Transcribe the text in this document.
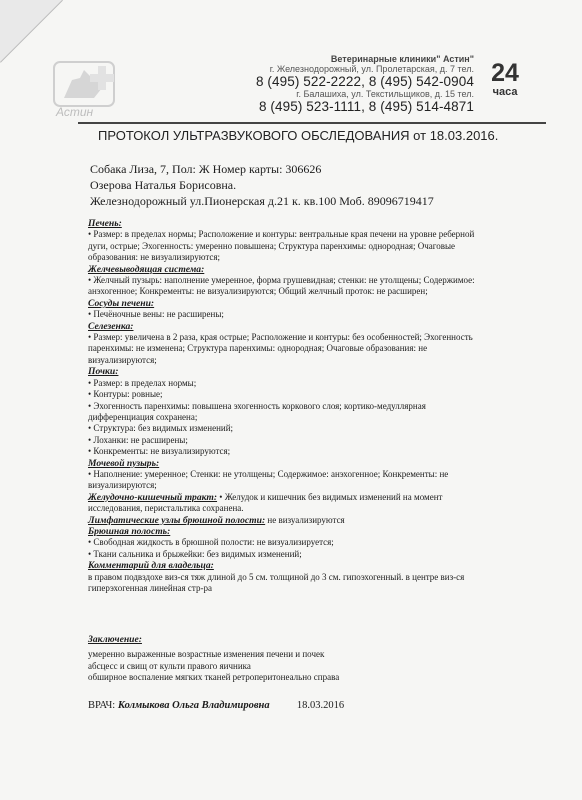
Астин
Ветеринарные клиники" Астин"
г. Железнодорожный, ул. Пролетарская, д. 7 тел.
8 (495) 522-2222, 8 (495) 542-0904
г. Балашиха, ул. Текстильщиков, д. 15 тел.
8 (495) 523-1111, 8 (495) 514-4871
24
часа
ПРОТОКОЛ УЛЬТРАЗВУКОВОГО ОБСЛЕДОВАНИЯ от 18.03.2016.
Собака Лиза, 7, Пол: Ж Номер карты: 306626
Озерова Наталья Борисовна.
Железнодорожный ул.Пионерская д.21 к. кв.100 Моб. 89096719417
Печень:
• Размер: в пределах нормы; Расположение и контуры: вентральные края печени на уровне реберной
дуги, острые; Эхогенность: умеренно повышена; Структура паренхимы: однородная; Очаговые
образования: не визуализируются;
Желчевыводящая система:
• Желчный пузырь: наполнение умеренное, форма грушевидная; стенки: не утолщены; Содержимое:
анэхогенное; Конкременты: не визуализируются; Общий желчный проток: не расширен;
Сосуды печени:
• Печёночные вены: не расширены;
Селезенка:
• Размер: увеличена в 2 раза, края острые; Расположение и контуры: без особенностей; Эхогенность
паренхимы: не изменена; Структура паренхимы: однородная; Очаговые образования: не
визуализируются;
Почки:
• Размер: в пределах нормы;
• Контуры: ровные;
• Эхогенность паренхимы: повышена эхогенность коркового слоя; кортико-медуллярная
дифференциация сохранена;
• Структура: без видимых изменений;
• Лоханки: не расширены;
• Конкременты: не визуализируются;
Мочевой пузырь:
• Наполнение: умеренное; Стенки: не утолщены; Содержимое: анэхогенное; Конкременты: не
визуализируются;
Желудочно-кишечный тракт: • Желудок и кишечник без видимых изменений на момент
исследования, перистальтика сохранена.
Лимфатические узлы брюшной полости: не визуализируются
Брюшная полость:
• Свободная жидкость в брюшной полости: не визуализируется;
• Ткани сальника и брыжейки: без видимых изменений;
Комментарий для владельца:
в правом подвздохе виз-ся тяж длиной до 5 см. толщиной до 3 см. гипоэхогенный. в центре виз-ся
гиперэхогенная линейная стр-ра
Заключение:
умеренно выраженные возрастные изменения печени и почек
абсцесс и свищ от культи правого яичника
обширное воспаление мягких тканей ретроперитонеально справа
ВРАЧ: Колмыкова Ольга Владимировна	18.03.2016
